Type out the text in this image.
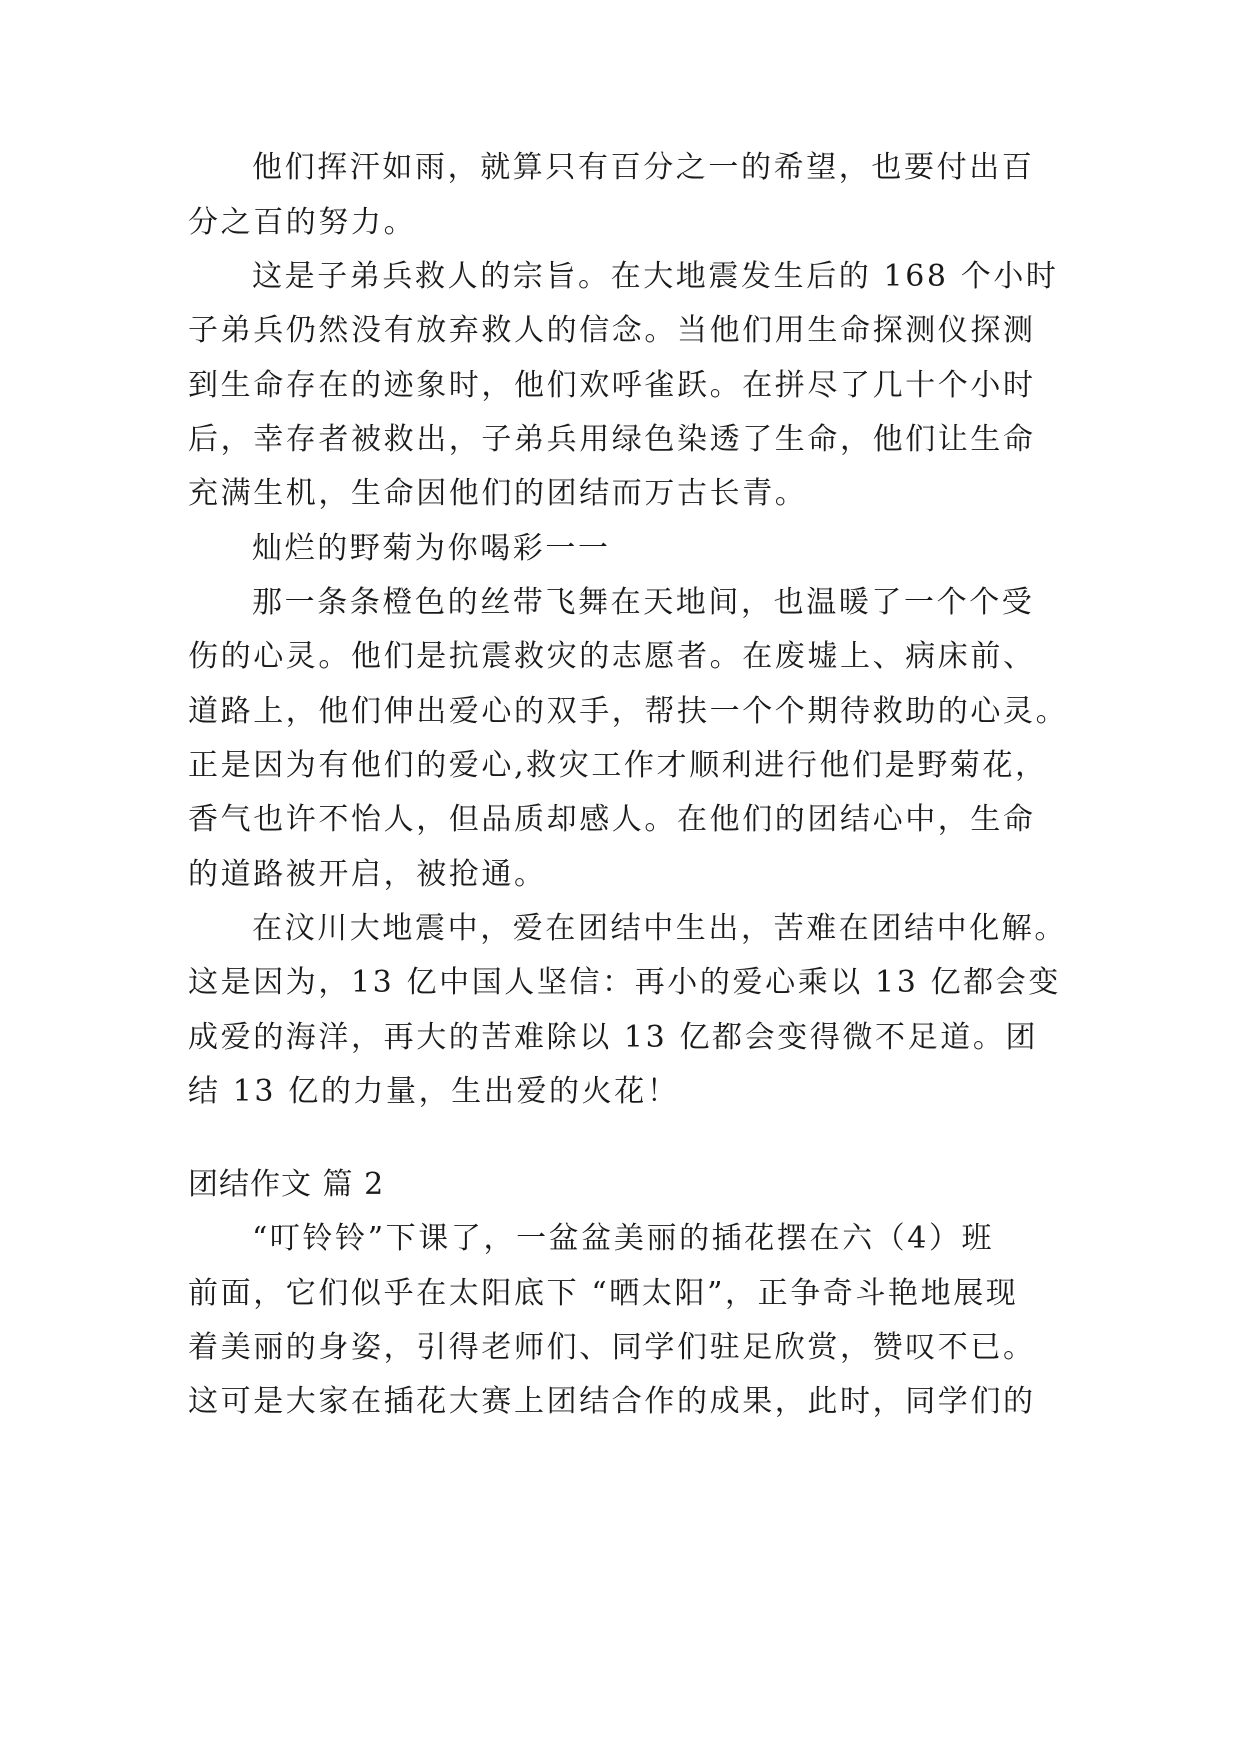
他们挥汗如雨，就算只有百分之一的希望，也要付出百

分之百的努力。

这是子弟兵救人的宗旨。在大地震发生后的 168 个小时

子弟兵仍然没有放弃救人的信念。当他们用生命探测仪探测

到生命存在的迹象时，他们欢呼雀跃。在拼尽了几十个小时

后，幸存者被救出，子弟兵用绿色染透了生命，他们让生命

充满生机，生命因他们的团结而万古长青。

灿烂的野菊为你喝彩一一

那一条条橙色的丝带飞舞在天地间，也温暖了一个个受

伤的心灵。他们是抗震救灾的志愿者。在废墟上、病床前、

道路上，他们伸出爱心的双手，帮扶一个个期待救助的心灵。

正是因为有他们的爱心,救灾工作才顺利进行他们是野菊花，

香气也许不怡人，但品质却感人。在他们的团结心中，生命

的道路被开启，被抢通。

在汶川大地震中，爱在团结中生出，苦难在团结中化解。

这是因为，13 亿中国人坚信：再小的爱心乘以 13 亿都会变

成爱的海洋，再大的苦难除以 13 亿都会变得微不足道。团

结 13 亿的力量，生出爱的火花！

团结作文 篇 2

“叮铃铃”下课了，一盆盆美丽的插花摆在六（4）班

前面，它们似乎在太阳底下 “晒太阳”，正争奇斗艳地展现

着美丽的身姿，引得老师们、同学们驻足欣赏，赞叹不已。

这可是大家在插花大赛上团结合作的成果，此时，同学们的
